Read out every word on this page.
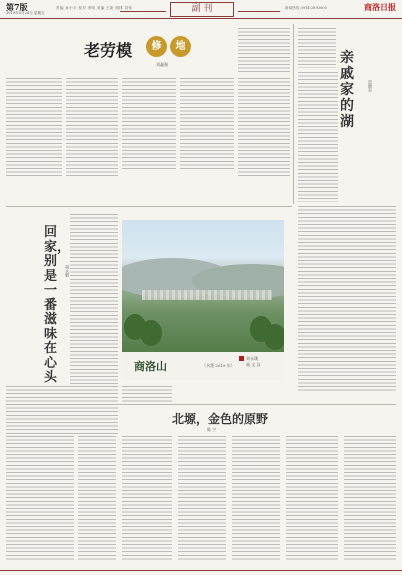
第7版
2019年5月24日 星期五
责编 孙小平 校对 李明 美编 王新 照排 刘伟	副 刊	新闻热线 0914-2893000	商洛日报
老劳模	修	地
刘鑫强	亲戚家的湖
雷晓东
回家，别是一番滋味在心头
胡永朝
商洛山	（水墨 2019 年）
刘永璞
画 文 汉
北塬，金色的原野
陈 宁
